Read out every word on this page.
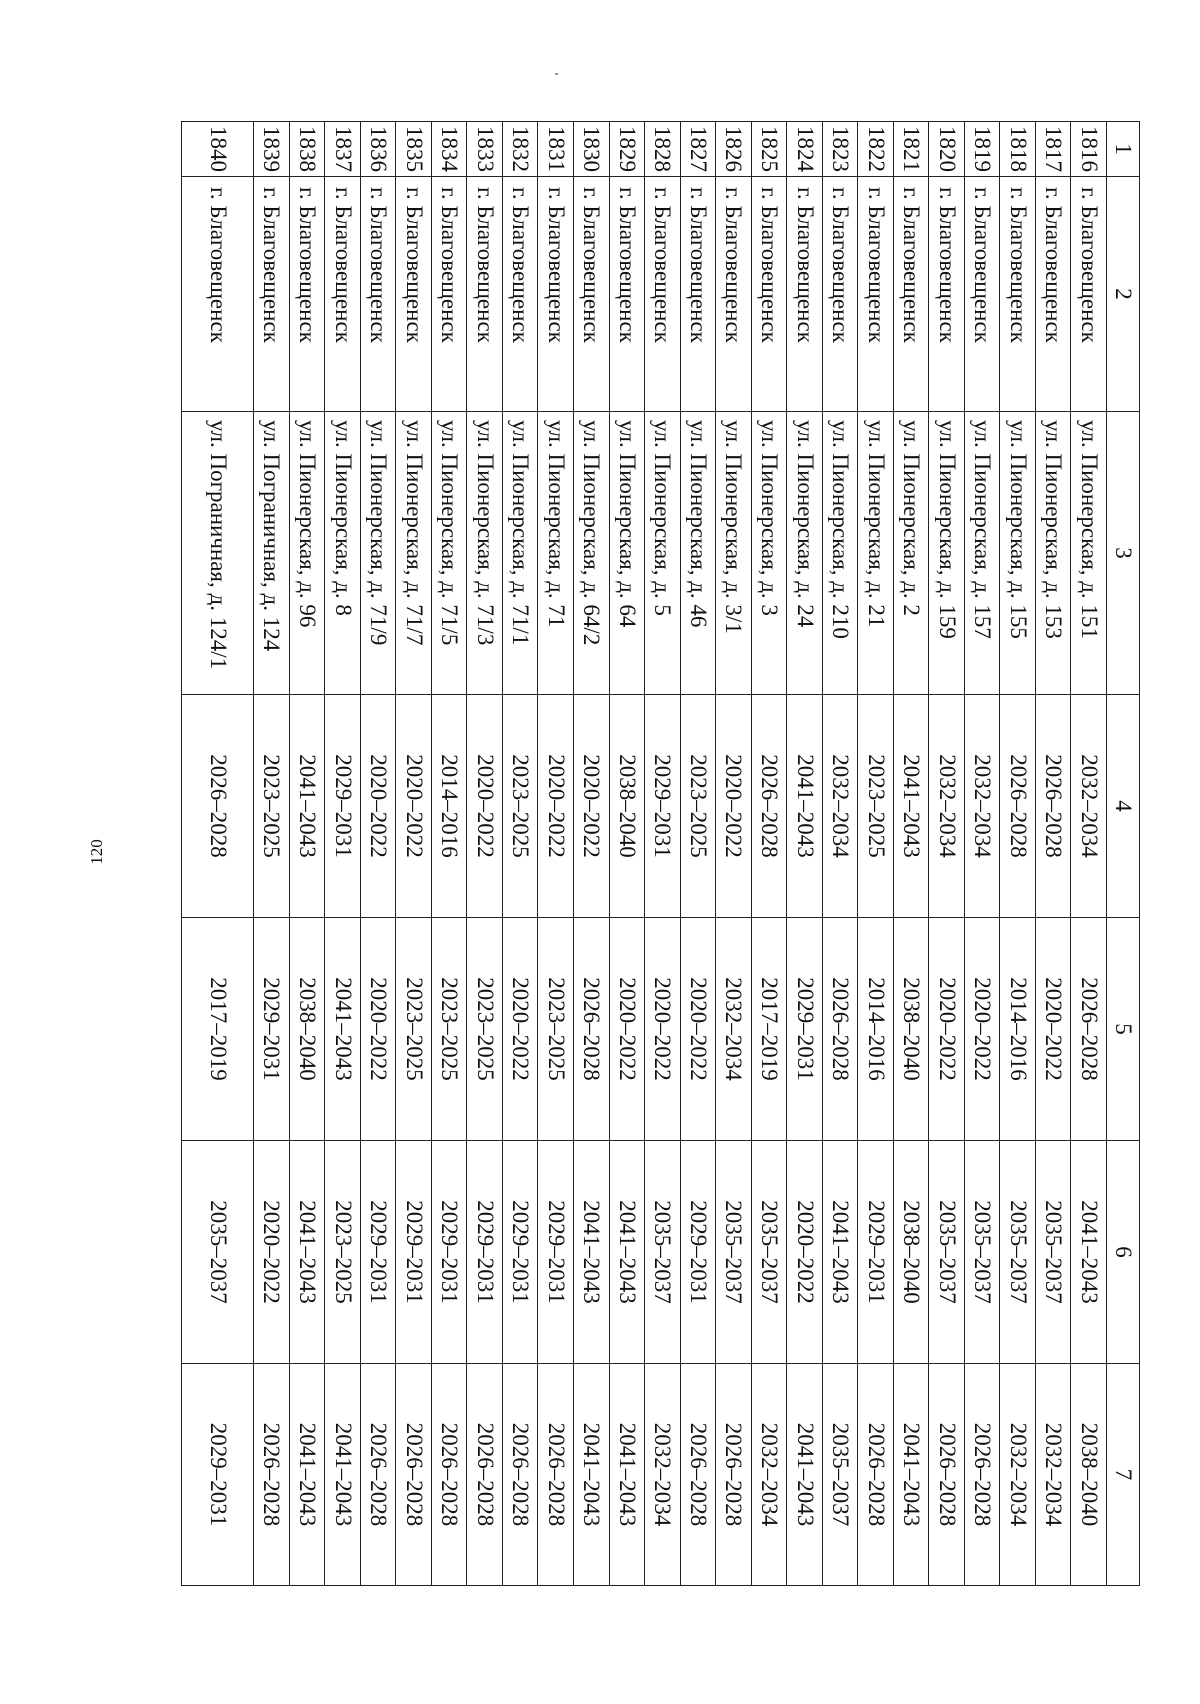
120
1	2	3	4	5	6	7
1816	г. Благовещенск	ул. Пионерская, д. 151	2032–2034	2026–2028	2041–2043	2038–2040
1817	г. Благовещенск	ул. Пионерская, д. 153	2026–2028	2020–2022	2035–2037	2032–2034
1818	г. Благовещенск	ул. Пионерская, д. 155	2026–2028	2014–2016	2035–2037	2032–2034
1819	г. Благовещенск	ул. Пионерская, д. 157	2032–2034	2020–2022	2035–2037	2026–2028
1820	г. Благовещенск	ул. Пионерская, д. 159	2032–2034	2020–2022	2035–2037	2026–2028
1821	г. Благовещенск	ул. Пионерская, д. 2	2041–2043	2038–2040	2038–2040	2041–2043
1822	г. Благовещенск	ул. Пионерская, д. 21	2023–2025	2014–2016	2029–2031	2026–2028
1823	г. Благовещенск	ул. Пионерская, д. 210	2032–2034	2026–2028	2041–2043	2035–2037
1824	г. Благовещенск	ул. Пионерская, д. 24	2041–2043	2029–2031	2020–2022	2041–2043
1825	г. Благовещенск	ул. Пионерская, д. 3	2026–2028	2017–2019	2035–2037	2032–2034
1826	г. Благовещенск	ул. Пионерская, д. 3/1	2020–2022	2032–2034	2035–2037	2026–2028
1827	г. Благовещенск	ул. Пионерская, д. 46	2023–2025	2020–2022	2029–2031	2026–2028
1828	г. Благовещенск	ул. Пионерская, д. 5	2029–2031	2020–2022	2035–2037	2032–2034
1829	г. Благовещенск	ул. Пионерская, д. 64	2038–2040	2020–2022	2041–2043	2041–2043
1830	г. Благовещенск	ул. Пионерская, д. 64/2	2020–2022	2026–2028	2041–2043	2041–2043
1831	г. Благовещенск	ул. Пионерская, д. 71	2020–2022	2023–2025	2029–2031	2026–2028
1832	г. Благовещенск	ул. Пионерская, д. 71/1	2023–2025	2020–2022	2029–2031	2026–2028
1833	г. Благовещенск	ул. Пионерская, д. 71/3	2020–2022	2023–2025	2029–2031	2026–2028
1834	г. Благовещенск	ул. Пионерская, д. 71/5	2014–2016	2023–2025	2029–2031	2026–2028
1835	г. Благовещенск	ул. Пионерская, д. 71/7	2020–2022	2023–2025	2029–2031	2026–2028
1836	г. Благовещенск	ул. Пионерская, д. 71/9	2020–2022	2020–2022	2029–2031	2026–2028
1837	г. Благовещенск	ул. Пионерская, д. 8	2029–2031	2041–2043	2023–2025	2041–2043
1838	г. Благовещенск	ул. Пионерская, д. 96	2041–2043	2038–2040	2041–2043	2041–2043
1839	г. Благовещенск	ул. Пограничная, д. 124	2023–2025	2029–2031	2020–2022	2026–2028
1840	г. Благовещенск	ул. Пограничная, д. 124/1	2026–2028	2017–2019	2035–2037	2029–2031
